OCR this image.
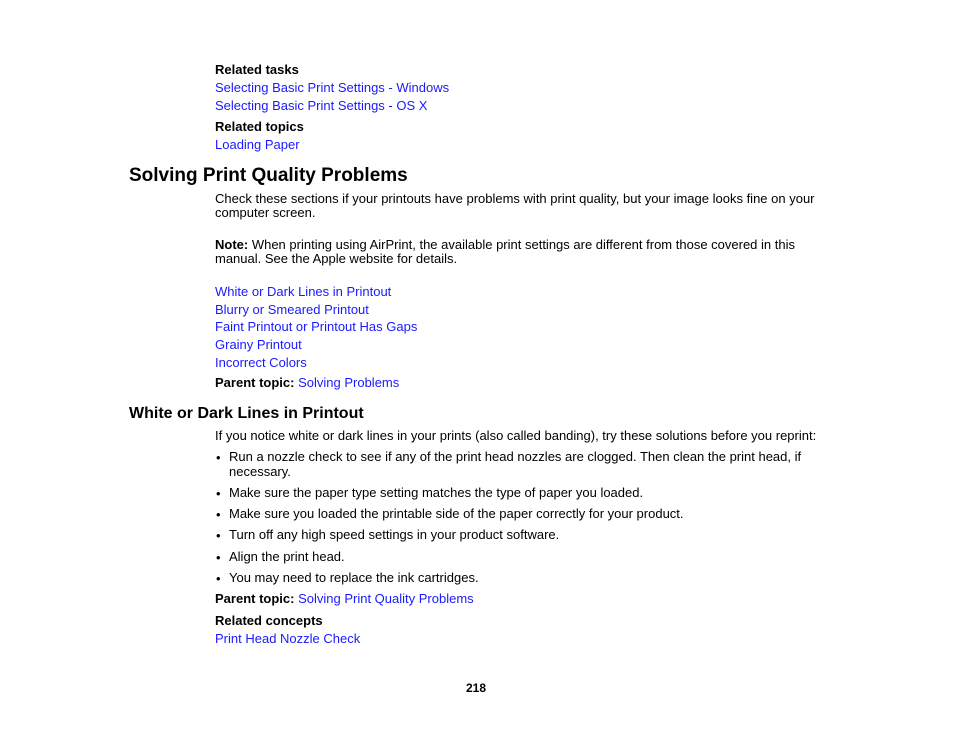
Related tasks
Selecting Basic Print Settings - Windows
Selecting Basic Print Settings - OS X
Related topics
Loading Paper
Solving Print Quality Problems
Check these sections if your printouts have problems with print quality, but your image looks fine on your
computer screen.
Note: When printing using AirPrint, the available print settings are different from those covered in this
manual. See the Apple website for details.
White or Dark Lines in Printout
Blurry or Smeared Printout
Faint Printout or Printout Has Gaps
Grainy Printout
Incorrect Colors
Parent topic: Solving Problems
White or Dark Lines in Printout
If you notice white or dark lines in your prints (also called banding), try these solutions before you reprint:
• Run a nozzle check to see if any of the print head nozzles are clogged. Then clean the print head, if
necessary.
• Make sure the paper type setting matches the type of paper you loaded.
• Make sure you loaded the printable side of the paper correctly for your product.
• Turn off any high speed settings in your product software.
• Align the print head.
• You may need to replace the ink cartridges.
Parent topic: Solving Print Quality Problems
Related concepts
Print Head Nozzle Check
218
